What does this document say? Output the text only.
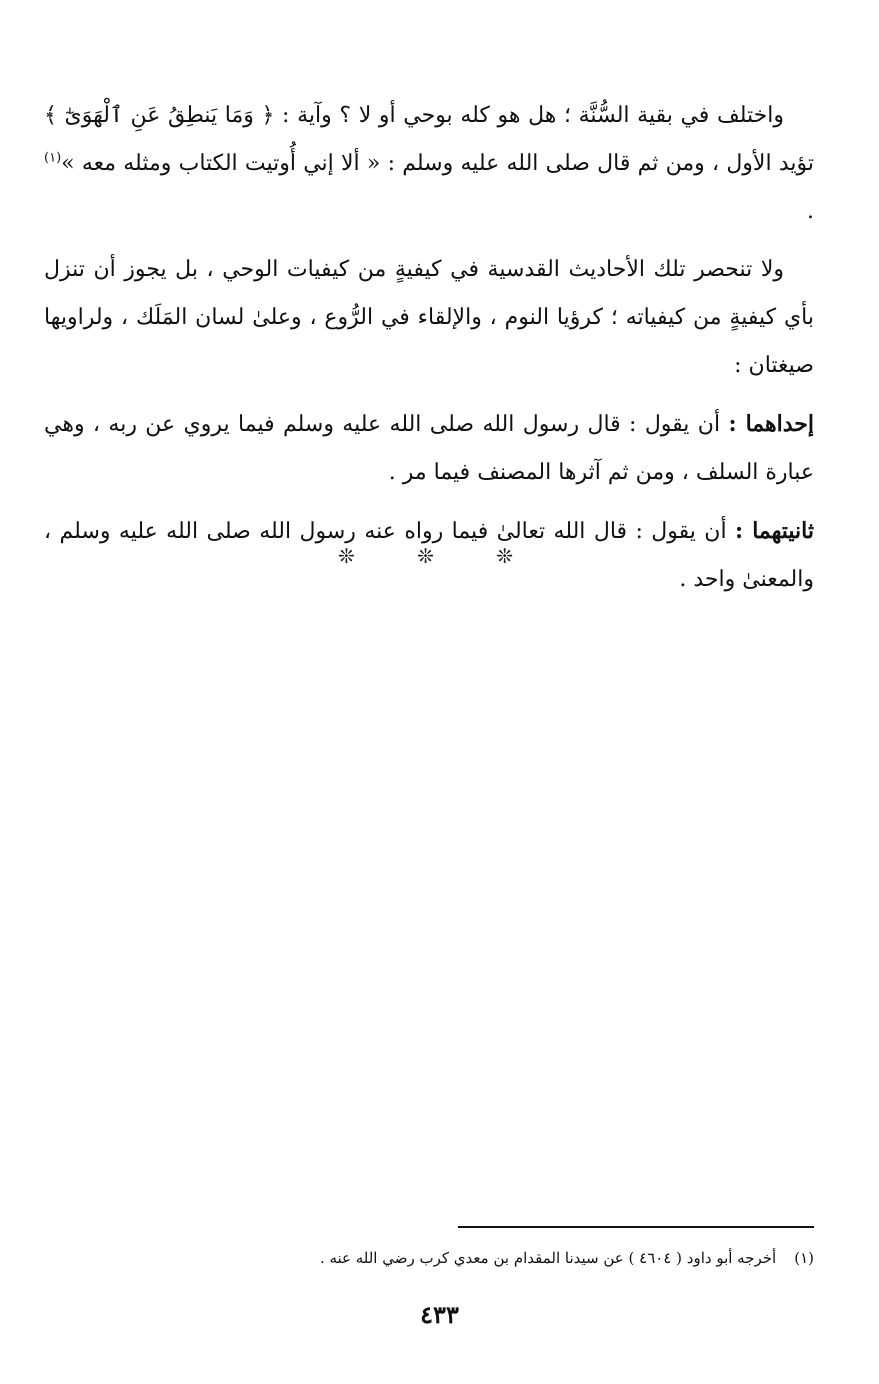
واختلف في بقية السُّنَّة ؛ هل هو كله بوحي أو لا ؟ وآية : ﴿ وَمَا يَنطِقُ عَنِ ٱلْهَوَىٰٓ ﴾ تؤيد الأول ، ومن ثم قال صلى الله عليه وسلم : « ألا إني أُوتيت الكتاب ومثله معه »$^{(١)}$ .

ولا تنحصر تلك الأحاديث القدسية في كيفيةٍ من كيفيات الوحي ، بل يجوز أن تنزل بأي كيفيةٍ من كيفياته ؛ كرؤيا النوم ، والإلقاء في الرُّوع ، وعلىٰ لسان المَلَك ، ولراويها صيغتان :

إحداهما : أن يقول : قال رسول الله صلى الله عليه وسلم فيما يروي عن ربه ، وهي عبارة السلف ، ومن ثم آثرها المصنف فيما مر .

ثانيتهما : أن يقول : قال الله تعالىٰ فيما رواه عنه رسول الله صلى الله عليه وسلم ، والمعنىٰ واحد .

❊ ❊ ❊
(١)أخرجه أبو داود ( ٤٦٠٤ ) عن سيدنا المقدام بن معدي كرب رضي الله عنه .
٤٣٣
